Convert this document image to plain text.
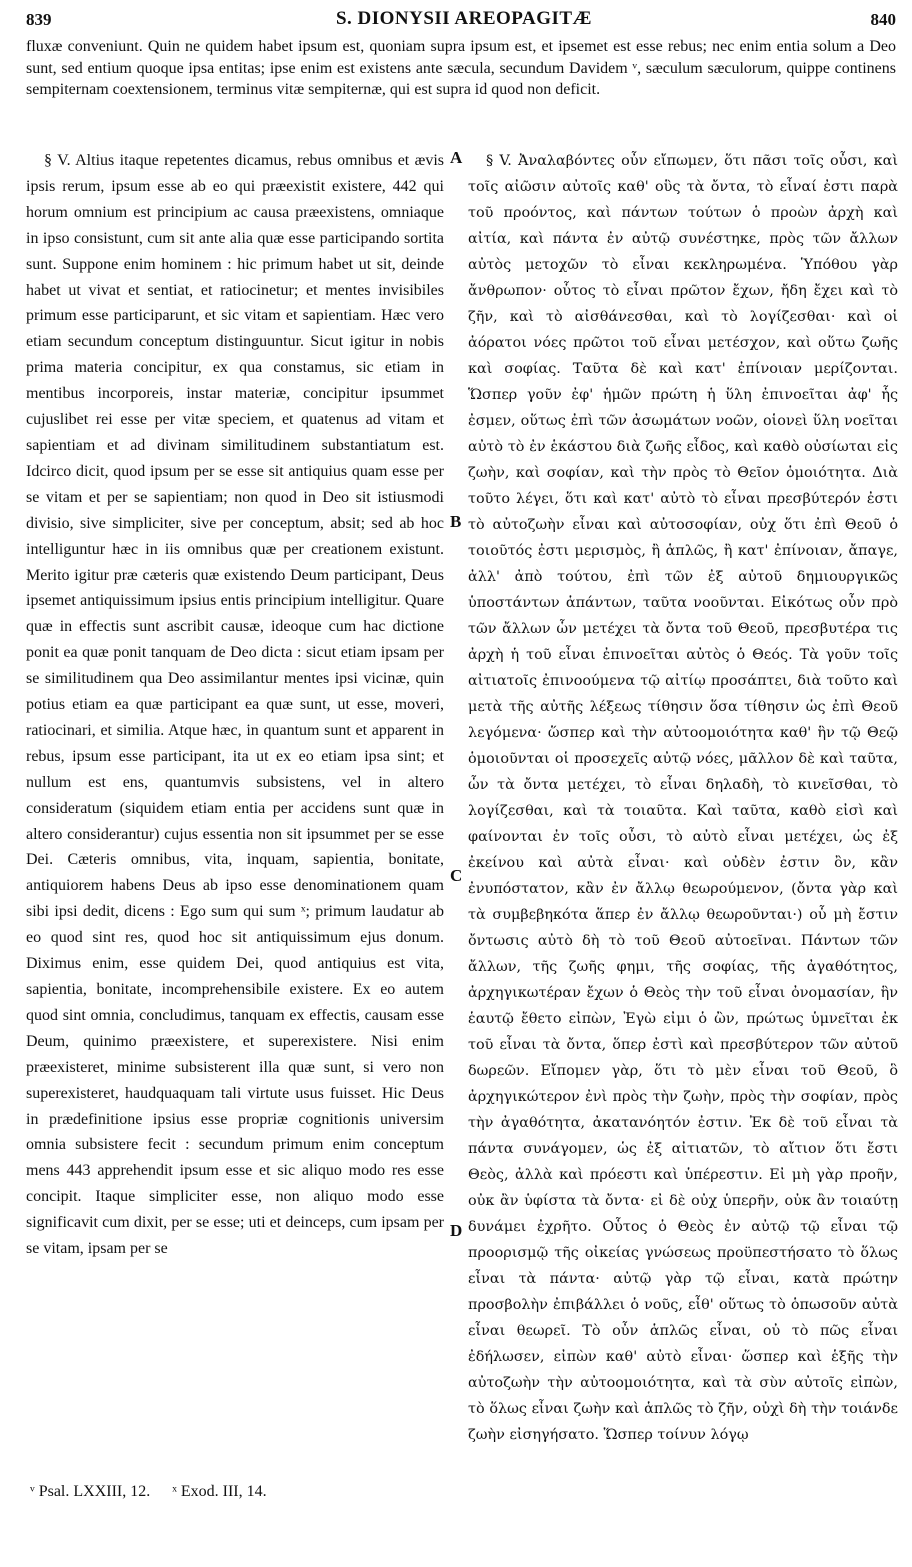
839	S. DIONYSII AREOPAGITÆ	840
fluxæ conveniunt. Quin ne quidem habet ipsum est, quoniam supra ipsum est, et ipsemet est esse rebus; nec enim entia solum a Deo sunt, sed entium quoque ipsa entitas; ipse enim est existens ante sæcula, secundum Davidem ᵛ, sæculum sæculorum, quippe continens sempiternam coextensionem, terminus vitæ sempiternæ, qui est supra id quod non deficit.

§ V. Altius itaque repetentes dicamus, rebus omnibus et ævis ipsis rerum, ipsum esse ab eo qui præexistit existere, 442 qui horum omnium est principium ac causa præexistens, omniaque in ipso consistunt, cum sit ante alia quæ esse participando sortita sunt. Suppone enim hominem : hic primum habet ut sit, deinde habet ut vivat et sentiat, et ratiocinetur; et mentes invisibiles primum esse participarunt, et sic vitam et sapientiam. Hæc vero etiam secundum conceptum distinguuntur. Sicut igitur in nobis prima materia concipitur, ex qua constamus, sic etiam in mentibus incorporeis, instar materiæ, concipitur ipsummet cujuslibet rei esse per vitæ speciem, et quatenus ad vitam et sapientiam et ad divinam similitudinem substantiatum est. Idcirco dicit, quod ipsum per se esse sit antiquius quam esse per se vitam et per se sapientiam; non quod in Deo sit istiusmodi divisio, sive simpliciter, sive per conceptum, absit; sed ab hoc intelliguntur hæc in iis omnibus quæ per creationem existunt. Merito igitur præ cæteris quæ existendo Deum participant, Deus ipsemet antiquissimum ipsius entis principium intelligitur. Quare quæ in effectis sunt ascribit causæ, ideoque cum hac dictione ponit ea quæ ponit tanquam de Deo dicta : sicut etiam ipsam per se similitudinem qua Deo assimilantur mentes ipsi vicinæ, quin potius etiam ea quæ participant ea quæ sunt, ut esse, moveri, ratiocinari, et similia. Atque hæc, in quantum sunt et apparent in rebus, ipsum esse participant, ita ut ex eo etiam ipsa sint; et nullum est ens, quantumvis subsistens, vel in altero consideratum (siquidem etiam entia per accidens sunt quæ in altero considerantur) cujus essentia non sit ipsummet per se esse Dei. Cæteris omnibus, vita, inquam, sapientia, bonitate, antiquiorem habens Deus ab ipso esse denominationem quam sibi ipsi dedit, dicens : Ego sum qui sum ˣ; primum laudatur ab eo quod sint res, quod hoc sit antiquissimum ejus donum. Diximus enim, esse quidem Dei, quod antiquius est vita, sapientia, bonitate, incomprehensibile existere. Ex eo autem quod sint omnia, concludimus, tanquam ex effectis, causam esse Deum, quinimo præexistere, et superexistere. Nisi enim præexisteret, minime subsisterent illa quæ sunt, si vero non superexisteret, haudquaquam tali virtute usus fuisset. Hic Deus in prædefinitione ipsius esse propriæ cognitionis universim omnia subsistere fecit : secundum primum enim conceptum mens 443 apprehendit ipsum esse et sic aliquo modo res esse concipit. Itaque simpliciter esse, non aliquo modo esse significavit cum dixit, per se esse; uti et deinceps, cum ipsam per se vitam, ipsam per se

A
B
C
D

§ V. Ἀναλαβόντες οὖν εἴπωμεν, ὅτι πᾶσι τοῖς οὖσι, καὶ τοῖς αἰῶσιν αὐτοῖς καθ' οὓς τὰ ὄντα, τὸ εἶναί ἐστι παρὰ τοῦ προόντος, καὶ πάντων τούτων ὁ προὼν ἀρχὴ καὶ αἰτία, καὶ πάντα ἐν αὐτῷ συνέστηκε, πρὸς τῶν ἄλλων αὐτὸς μετοχῶν τὸ εἶναι κεκληρωμένα. Ὑπόθου γὰρ ἄνθρωπον· οὗτος τὸ εἶναι πρῶτον ἔχων, ἤδη ἔχει καὶ τὸ ζῆν, καὶ τὸ αἰσθάνεσθαι, καὶ τὸ λογίζεσθαι· καὶ οἱ ἀόρατοι νόες πρῶτοι τοῦ εἶναι μετέσχον, καὶ οὕτω ζωῆς καὶ σοφίας. Ταῦτα δὲ καὶ κατ' ἐπίνοιαν μερίζονται. Ὥσπερ γοῦν ἐφ' ἡμῶν πρώτη ἡ ὕλη ἐπινοεῖται ἀφ' ἧς ἐσμεν, οὕτως ἐπὶ τῶν ἀσωμάτων νοῶν, οἱονεὶ ὕλη νοεῖται αὐτὸ τὸ ἐν ἑκάστου διὰ ζωῆς εἶδος, καὶ καθὸ οὐσίωται εἰς ζωὴν, καὶ σοφίαν, καὶ τὴν πρὸς τὸ Θεῖον ὁμοιότητα. Διὰ τοῦτο λέγει, ὅτι καὶ κατ' αὐτὸ τὸ εἶναι πρεσβύτερόν ἐστι τὸ αὐτοζωὴν εἶναι καὶ αὐτοσοφίαν, οὐχ ὅτι ἐπὶ Θεοῦ ὁ τοιοῦτός ἐστι μερισμὸς, ἢ ἁπλῶς, ἢ κατ' ἐπίνοιαν, ἄπαγε, ἀλλ' ἀπὸ τούτου, ἐπὶ τῶν ἐξ αὐτοῦ δημιουργικῶς ὑποστάντων ἁπάντων, ταῦτα νοοῦνται. Εἰκότως οὖν πρὸ τῶν ἄλλων ὧν μετέχει τὰ ὄντα τοῦ Θεοῦ, πρεσβυτέρα τις ἀρχὴ ἡ τοῦ εἶναι ἐπινοεῖται αὐτὸς ὁ Θεός. Τὰ γοῦν τοῖς αἰτιατοῖς ἐπινοούμενα τῷ αἰτίῳ προσάπτει, διὰ τοῦτο καὶ μετὰ τῆς αὐτῆς λέξεως τίθησιν ὅσα τίθησιν ὡς ἐπὶ Θεοῦ λεγόμενα· ὥσπερ καὶ τὴν αὐτοομοιότητα καθ' ἣν τῷ Θεῷ ὁμοιοῦνται οἱ προσεχεῖς αὐτῷ νόες, μᾶλλον δὲ καὶ ταῦτα, ὧν τὰ ὄντα μετέχει, τὸ εἶναι δηλαδὴ, τὸ κινεῖσθαι, τὸ λογίζεσθαι, καὶ τὰ τοιαῦτα. Καὶ ταῦτα, καθὸ εἰσὶ καὶ φαίνονται ἐν τοῖς οὖσι, τὸ αὐτὸ εἶναι μετέχει, ὡς ἐξ ἐκείνου καὶ αὐτὰ εἶναι· καὶ οὐδὲν ἐστιν ὂν, κἂν ἐνυπόστατον, κἂν ἐν ἄλλῳ θεωρούμενον, (ὄντα γὰρ καὶ τὰ συμβεβηκότα ἅπερ ἐν ἄλλῳ θεωροῦνται·) οὗ μὴ ἔστιν ὄντωσις αὐτὸ δὴ τὸ τοῦ Θεοῦ αὐτοεῖναι. Πάντων τῶν ἄλλων, τῆς ζωῆς φημι, τῆς σοφίας, τῆς ἀγαθότητος, ἀρχηγικωτέραν ἔχων ὁ Θεὸς τὴν τοῦ εἶναι ὀνομασίαν, ἣν ἑαυτῷ ἔθετο εἰπὼν, Ἐγὼ εἰμι ὁ ὢν, πρώτως ὑμνεῖται ἐκ τοῦ εἶναι τὰ ὄντα, ὅπερ ἐστὶ καὶ πρεσβύτερον τῶν αὐτοῦ δωρεῶν. Εἴπομεν γὰρ, ὅτι τὸ μὲν εἶναι τοῦ Θεοῦ, ὃ ἀρχηγικώτερον ἐνὶ πρὸς τὴν ζωὴν, πρὸς τὴν σοφίαν, πρὸς τὴν ἀγαθότητα, ἀκατανόητόν ἐστιν. Ἐκ δὲ τοῦ εἶναι τὰ πάντα συνάγομεν, ὡς ἐξ αἰτιατῶν, τὸ αἴτιον ὅτι ἔστι Θεὸς, ἀλλὰ καὶ πρόεστι καὶ ὑπέρεστιν. Εἰ μὴ γὰρ προῆν, οὐκ ἂν ὑφίστα τὰ ὄντα· εἰ δὲ οὐχ ὑπερῆν, οὐκ ἂν τοιαύτῃ δυνάμει ἐχρῆτο. Οὗτος ὁ Θεὸς ἐν αὐτῷ τῷ εἶναι τῷ προορισμῷ τῆς οἰκείας γνώσεως προϋπεστήσατο τὸ ὅλως εἶναι τὰ πάντα· αὐτῷ γὰρ τῷ εἶναι, κατὰ πρώτην προσβολὴν ἐπιβάλλει ὁ νοῦς, εἶθ' οὕτως τὸ ὁπωσοῦν αὐτὰ εἶναι θεωρεῖ. Τὸ οὖν ἁπλῶς εἶναι, οὐ τὸ πῶς εἶναι ἐδήλωσεν, εἰπὼν καθ' αὐτὸ εἶναι· ὥσπερ καὶ ἑξῆς τὴν αὐτοζωὴν τὴν αὐτοομοιότητα, καὶ τὰ σὺν αὐτοῖς εἰπὼν, τὸ ὅλως εἶναι ζωὴν καὶ ἁπλῶς τὸ ζῆν, οὐχὶ δὴ τὴν τοιάνδε ζωὴν εἰσηγήσατο. Ὥσπερ τοίνυν λόγῳ

ᵛ Psal. LXXIII, 12. ˣ Exod. III, 14.
